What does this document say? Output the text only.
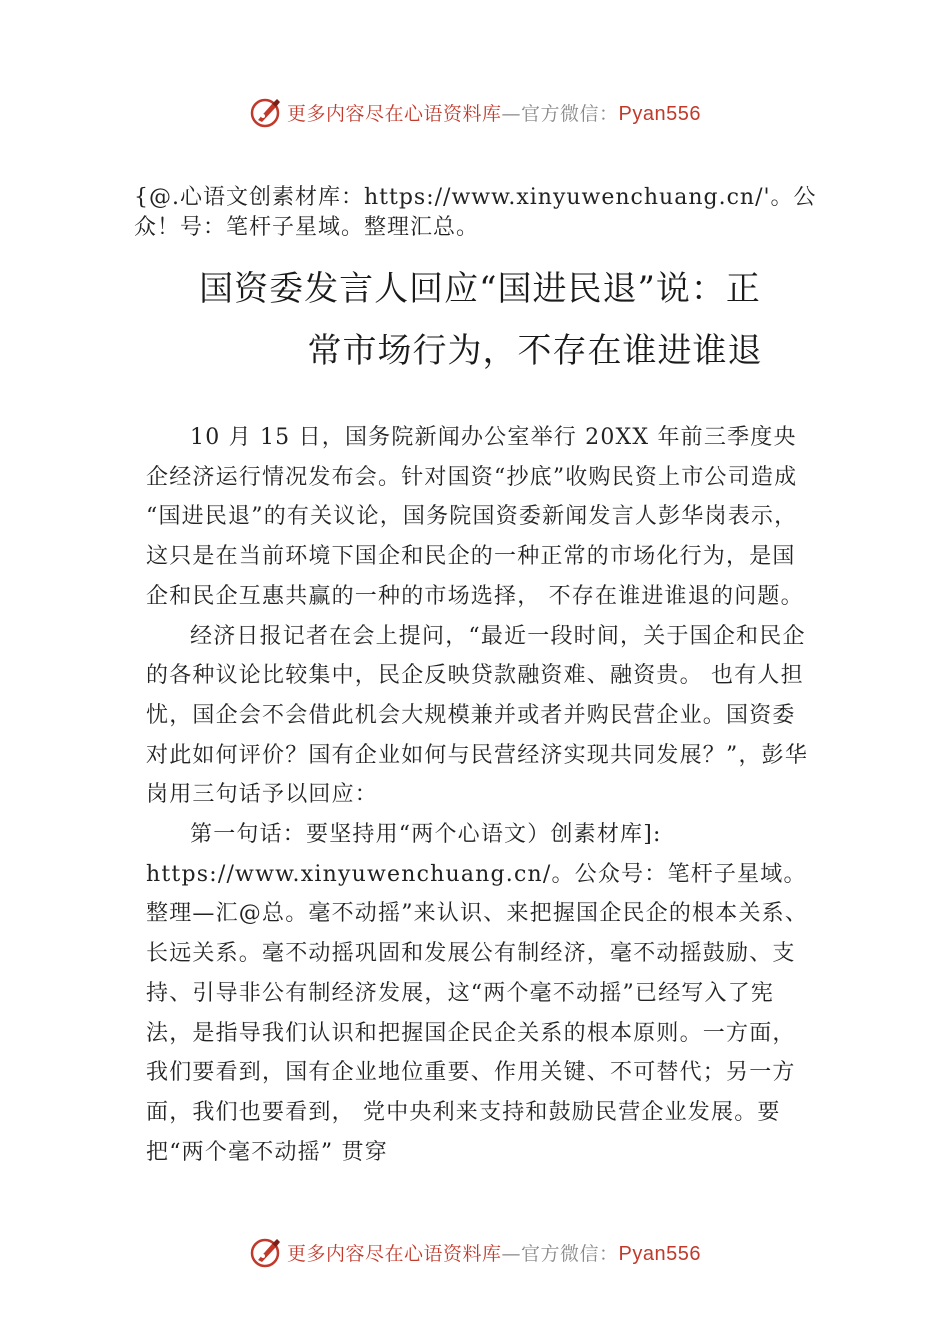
更多内容尽在心语资料库—官方微信：Pyan556
{@.心语文创素材库：https://www.xinyuwenchuang.cn/'。公众！号：笔杆子星域。整理汇总。
国资委发言人回应“国进民退”说：正
常市场行为，不存在谁进谁退

10 月 15 日，国务院新闻办公室举行 20XX 年前三季度央企经济运行情况发布会。针对国资“抄底”收购民资上市公司造成 “国进民退”的有关议论，国务院国资委新闻发言人彭华岗表示，这只是在当前环境下国企和民企的一种正常的市场化行为，是国企和民企互惠共赢的一种的市场选择， 不存在谁进谁退的问题。

经济日报记者在会上提问，“最近一段时间，关于国企和民企的各种议论比较集中，民企反映贷款融资难、融资贵。 也有人担忧，国企会不会借此机会大规模兼并或者并购民营企业。国资委对此如何评价？国有企业如何与民营经济实现共同发展？”，彭华岗用三句话予以回应：

第一句话：要坚持用“两个心语文）创素材库]:

https://www.xinyuwenchuang.cn/。公众号：笔杆子星域。整理—汇@总。毫不动摇”来认识、来把握国企民企的根本关系、长远关系。毫不动摇巩固和发展公有制经济，毫不动摇鼓励、支持、引导非公有制经济发展，这“两个毫不动摇”已经写入了宪法，是指导我们认识和把握国企民企关系的根本原则。一方面，我们要看到，国有企业地位重要、作用关键、不可替代；另一方面，我们也要看到， 党中央利来支持和鼓励民营企业发展。要把“两个毫不动摇” 贯穿

更多内容尽在心语资料库—官方微信：Pyan556
